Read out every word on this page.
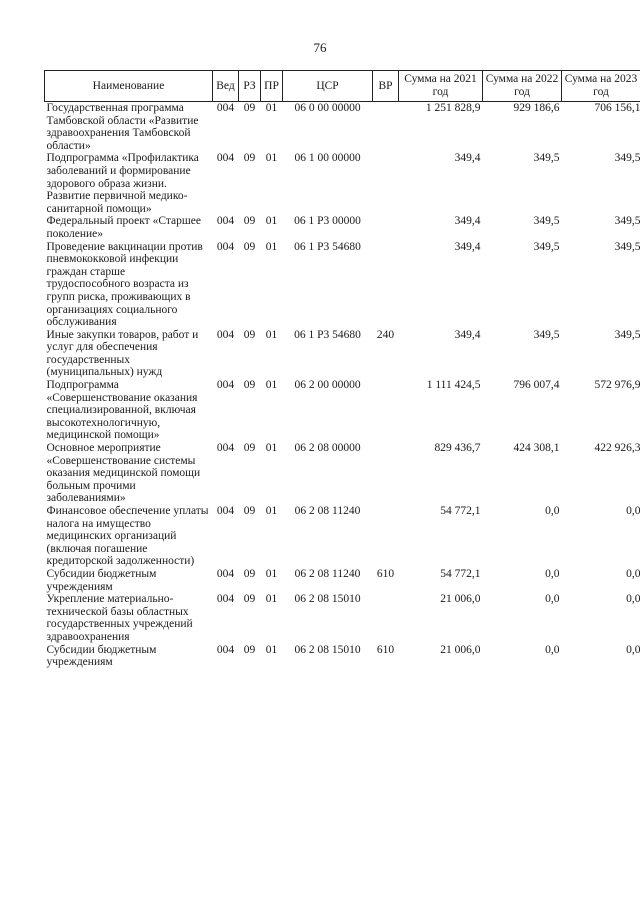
76
Наименование	Вед	РЗ	ПР	ЦСР	ВР	Сумма на 2021 год	Сумма на 2022 год	Сумма на 2023 год
Государственная программа Тамбовской области «Развитие здравоохранения Тамбовской области»	004	09	01	06 0 00 00000		1 251 828,9	929 186,6	706 156,1
Подпрограмма «Профилактика заболеваний и формирование здорового образа жизни. Развитие первичной медико-санитарной помощи»	004	09	01	06 1 00 00000		349,4	349,5	349,5
Федеральный проект «Старшее поколение»	004	09	01	06 1 P3 00000		349,4	349,5	349,5
Проведение вакцинации против пневмококковой инфекции граждан старше трудоспособного возраста из групп риска, проживающих в организациях социального обслуживания	004	09	01	06 1 P3 54680		349,4	349,5	349,5
Иные закупки товаров, работ и услуг для обеспечения государственных (муниципальных) нужд	004	09	01	06 1 P3 54680	240	349,4	349,5	349,5
Подпрограмма «Совершенствование оказания специализированной, включая высокотехнологичную, медицинской помощи»	004	09	01	06 2 00 00000		1 111 424,5	796 007,4	572 976,9
Основное мероприятие «Совершенствование системы оказания медицинской помощи больным прочими заболеваниями»	004	09	01	06 2 08 00000		829 436,7	424 308,1	422 926,3
Финансовое обеспечение уплаты налога на имущество медицинских организаций (включая погашение кредиторской задолженности)	004	09	01	06 2 08 11240		54 772,1	0,0	0,0
Субсидии бюджетным учреждениям	004	09	01	06 2 08 11240	610	54 772,1	0,0	0,0
Укрепление материально-технической базы областных государственных учреждений здравоохранения	004	09	01	06 2 08 15010		21 006,0	0,0	0,0
Субсидии бюджетным учреждениям	004	09	01	06 2 08 15010	610	21 006,0	0,0	0,0
